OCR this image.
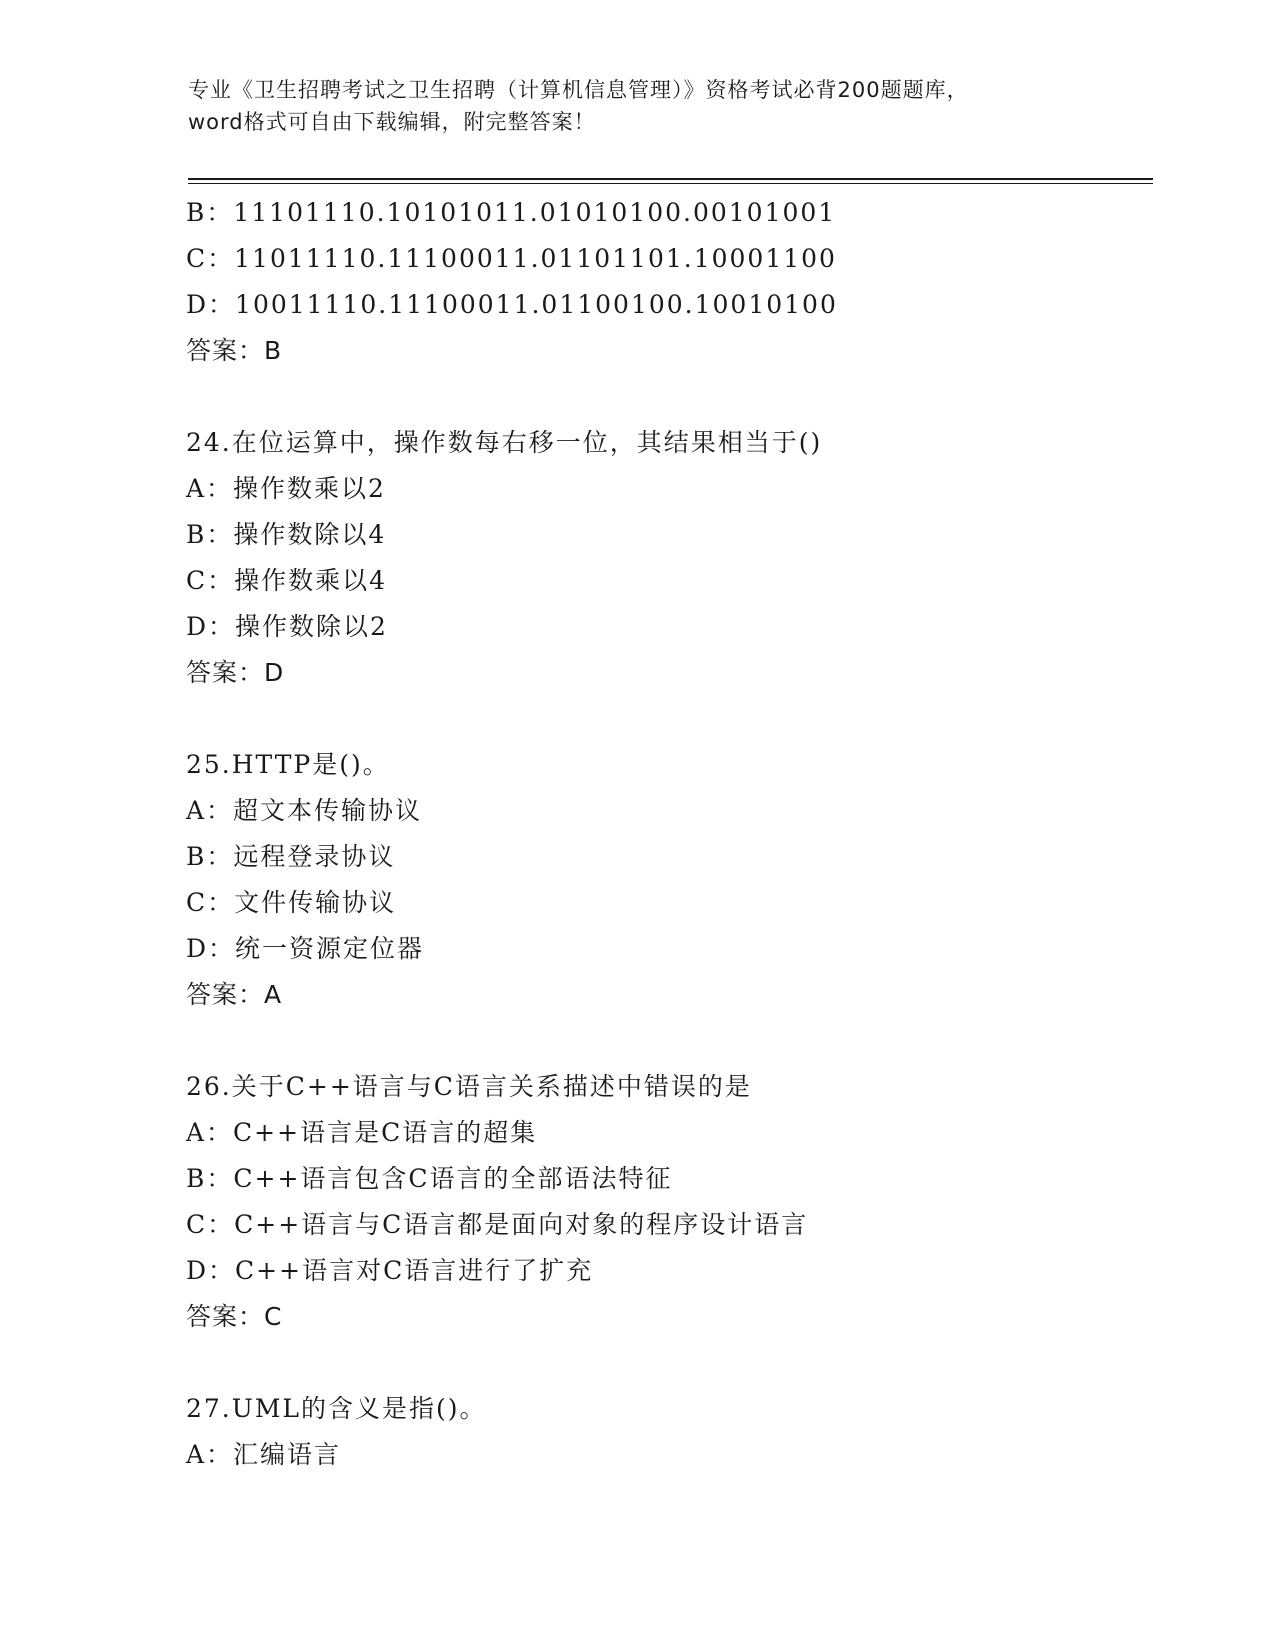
专业《卫生招聘考试之卫生招聘（计算机信息管理）》资格考试必背200题题库，
word格式可自由下载编辑，附完整答案！
B：11101110.10101011.01010100.00101001
C：11011110.11100011.01101101.10001100
D：10011110.11100011.01100100.10010100
答案：B
24.在位运算中，操作数每右移一位，其结果相当于()
A：操作数乘以2
B：操作数除以4
C：操作数乘以4
D：操作数除以2
答案：D
25.HTTP是()。
A：超文本传输协议
B：远程登录协议
C：文件传输协议
D：统一资源定位器
答案：A
26.关于C++语言与C语言关系描述中错误的是
A：C++语言是C语言的超集
B：C++语言包含C语言的全部语法特征
C：C++语言与C语言都是面向对象的程序设计语言
D：C++语言对C语言进行了扩充
答案：C
27.UML的含义是指()。
A：汇编语言
